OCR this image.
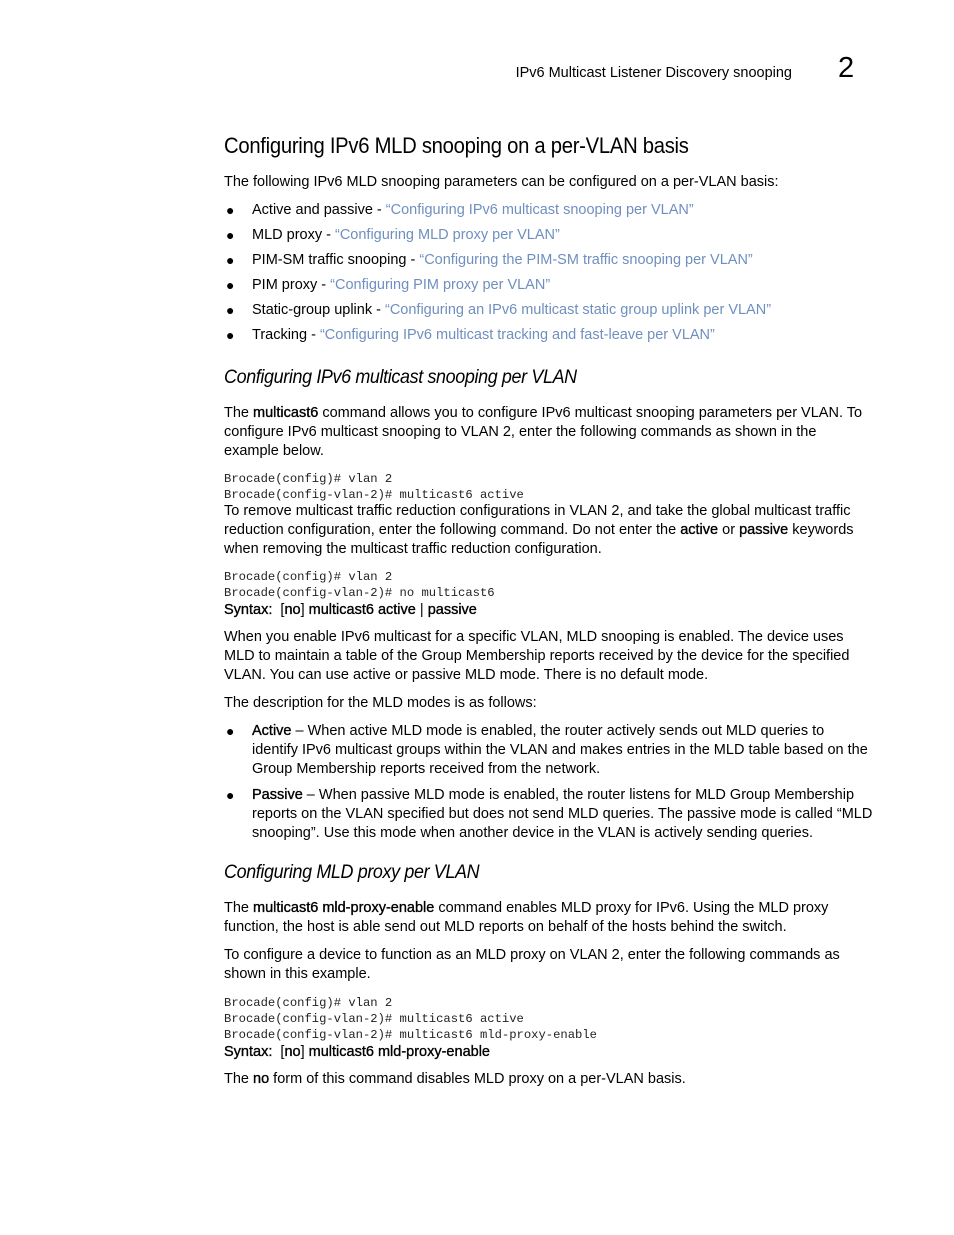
IPv6 Multicast Listener Discovery snooping 2
Configuring IPv6 MLD snooping on a per-VLAN basis

The following IPv6 MLD snooping parameters can be configured on a per-VLAN basis:

● Active and passive - “Configuring IPv6 multicast snooping per VLAN”
● MLD proxy - “Configuring MLD proxy per VLAN”
● PIM-SM traffic snooping - “Configuring the PIM-SM traffic snooping per VLAN”
● PIM proxy - “Configuring PIM proxy per VLAN”
● Static-group uplink - “Configuring an IPv6 multicast static group uplink per VLAN”
● Tracking - “Configuring IPv6 multicast tracking and fast-leave per VLAN”
Configuring IPv6 multicast snooping per VLAN

The multicast6 command allows you to configure IPv6 multicast snooping parameters per VLAN. To configure IPv6 multicast snooping to VLAN 2, enter the following commands as shown in the example below.

Brocade(config)# vlan 2
Brocade(config-vlan-2)# multicast6 active

To remove multicast traffic reduction configurations in VLAN 2, and take the global multicast traffic reduction configuration, enter the following command. Do not enter the active or passive keywords when removing the multicast traffic reduction configuration.

Brocade(config)# vlan 2
Brocade(config-vlan-2)# no multicast6
Syntax: [no] multicast6 active | passive

When you enable IPv6 multicast for a specific VLAN, MLD snooping is enabled. The device uses MLD to maintain a table of the Group Membership reports received by the device for the specified VLAN. You can use active or passive MLD mode. There is no default mode.

The description for the MLD modes is as follows:

● Active – When active MLD mode is enabled, the router actively sends out MLD queries to identify IPv6 multicast groups within the VLAN and makes entries in the MLD table based on the Group Membership reports received from the network.
● Passive – When passive MLD mode is enabled, the router listens for MLD Group Membership reports on the VLAN specified but does not send MLD queries. The passive mode is called “MLD snooping”. Use this mode when another device in the VLAN is actively sending queries.
Configuring MLD proxy per VLAN

The multicast6 mld-proxy-enable command enables MLD proxy for IPv6. Using the MLD proxy function, the host is able send out MLD reports on behalf of the hosts behind the switch.

To configure a device to function as an MLD proxy on VLAN 2, enter the following commands as shown in this example.

Brocade(config)# vlan 2
Brocade(config-vlan-2)# multicast6 active
Brocade(config-vlan-2)# multicast6 mld-proxy-enable
Syntax: [no] multicast6 mld-proxy-enable

The no form of this command disables MLD proxy on a per-VLAN basis.
